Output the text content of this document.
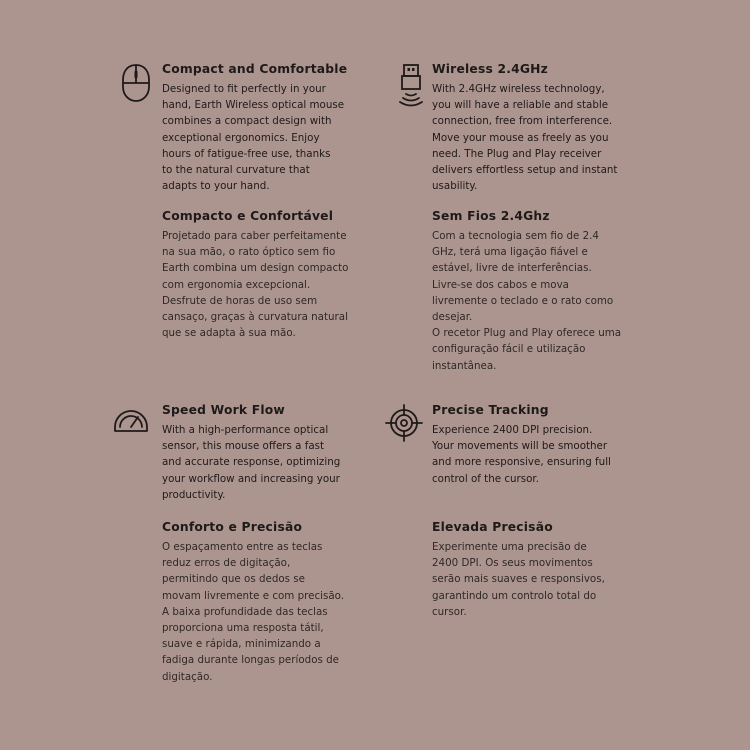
Compact and Comfortable

Designed to fit perfectly in your
hand, Earth Wireless optical mouse
combines a compact design with
exceptional ergonomics. Enjoy
hours of fatigue-free use, thanks
to the natural curvature that
adapts to your hand.

Compacto e Confortável

Projetado para caber perfeitamente
na sua mão, o rato óptico sem fio
Earth combina um design compacto
com ergonomia excepcional.
Desfrute de horas de uso sem
cansaço, graças à curvatura natural
que se adapta à sua mão.

Wireless 2.4GHz

With 2.4GHz wireless technology,
you will have a reliable and stable
connection, free from interference.
Move your mouse as freely as you
need. The Plug and Play receiver
delivers effortless setup and instant
usability.

Sem Fios 2.4Ghz

Com a tecnologia sem fio de 2.4
GHz, terá uma ligação fiável e
estável, livre de interferências.
Livre-se dos cabos e mova
livremente o teclado e o rato como
desejar.
O recetor Plug and Play oferece uma
configuração fácil e utilização
instantânea.

Speed Work Flow

With a high-performance optical
sensor, this mouse offers a fast
and accurate response, optimizing
your workflow and increasing your
productivity.

Conforto e Precisão

O espaçamento entre as teclas
reduz erros de digitação,
permitindo que os dedos se
movam livremente e com precisão.
A baixa profundidade das teclas
proporciona uma resposta tátil,
suave e rápida, minimizando a
fadiga durante longas períodos de
digitação.

Precise Tracking

Experience 2400 DPI precision.
Your movements will be smoother
and more responsive, ensuring full
control of the cursor.

Elevada Precisão

Experimente uma precisão de
2400 DPI. Os seus movimentos
serão mais suaves e responsivos,
garantindo um controlo total do
cursor.
